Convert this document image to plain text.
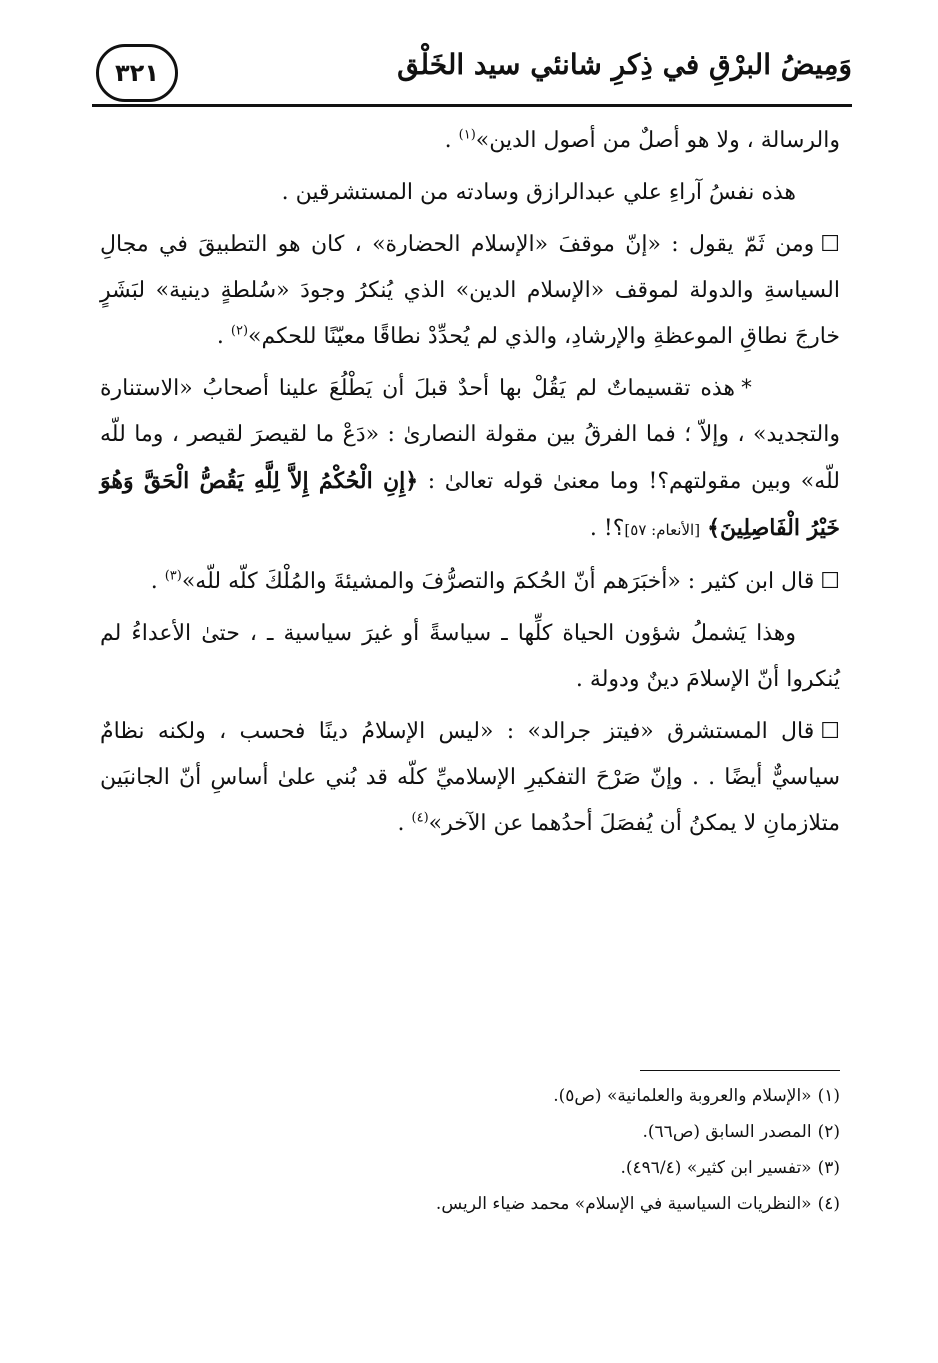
٣٢١	وَمِيضُ البرْقِ في ذِكرِ شانئي سيد الخَلْق

والرسالة ، ولا هو أصلٌ من أصول الدين»$^{(١)}$ .

هذه نفسُ آراءِ علي عبدالرازق وسادته من المستشرقين .

☐ومن ثَمّ يقول : «إنّ موقفَ «الإسلام الحضارة» ، كان هو التطبيقَ في مجالِ السياسةِ والدولة لموقف «الإسلام الدين» الذي يُنكرُ وجودَ «سُلطةٍ دينية» لبَشَرٍ خارجَ نطاقِ الموعظةِ والإرشادِ، والذي لم يُحدِّدْ نطاقًا معيّنًا للحكم»$^{(٢)}$ .

*هذه تقسيماتٌ لم يَقُلْ بها أحدٌ قبلَ أن يَطْلُعَ علينا أصحابُ «الاستنارة والتجديد» ، وإلاّ ؛ فما الفرقُ بين مقولة النصارىٰ : «دَعْ ما لقيصرَ لقيصر ، وما للّه للّه» وبين مقولتهم؟! وما معنىٰ قوله تعالىٰ : ﴿إِنِ الْحُكْمُ إِلاَّ لِلَّهِ يَقُصُّ الْحَقَّ وَهُوَ خَيْرُ الْفَاصِلِينَ﴾ [الأنعام: ٥٧]؟! .

☐قال ابن كثير : «أخبَرَهم أنّ الحُكمَ والتصرُّفَ والمشيئةَ والمُلْكَ كلّه للّه»$^{(٣)}$ .

وهذا يَشملُ شؤون الحياة كلِّها ـ سياسةً أو غيرَ سياسية ـ ، حتىٰ الأعداءُ لم يُنكروا أنّ الإسلامَ دينٌ ودولة .

☐قال المستشرق «فيتز جرالد» : «ليس الإسلامُ دينًا فحسب ، ولكنه نظامٌ سياسيٌّ أيضًا . . وإنّ صَرْحَ التفكيرِ الإسلاميِّ كلّه قد بُني علىٰ أساسِ أنّ الجانبَين متلازمانِ لا يمكنُ أن يُفصَلَ أحدُهما عن الآخر»$^{(٤)}$ .

(١)«الإسلام والعروبة والعلمانية» (ص٥).

(٢)المصدر السابق (ص٦٦).

(٣)«تفسير ابن كثير» (٤٩٦/٤).

(٤)«النظريات السياسية في الإسلام» محمد ضياء الريس.
